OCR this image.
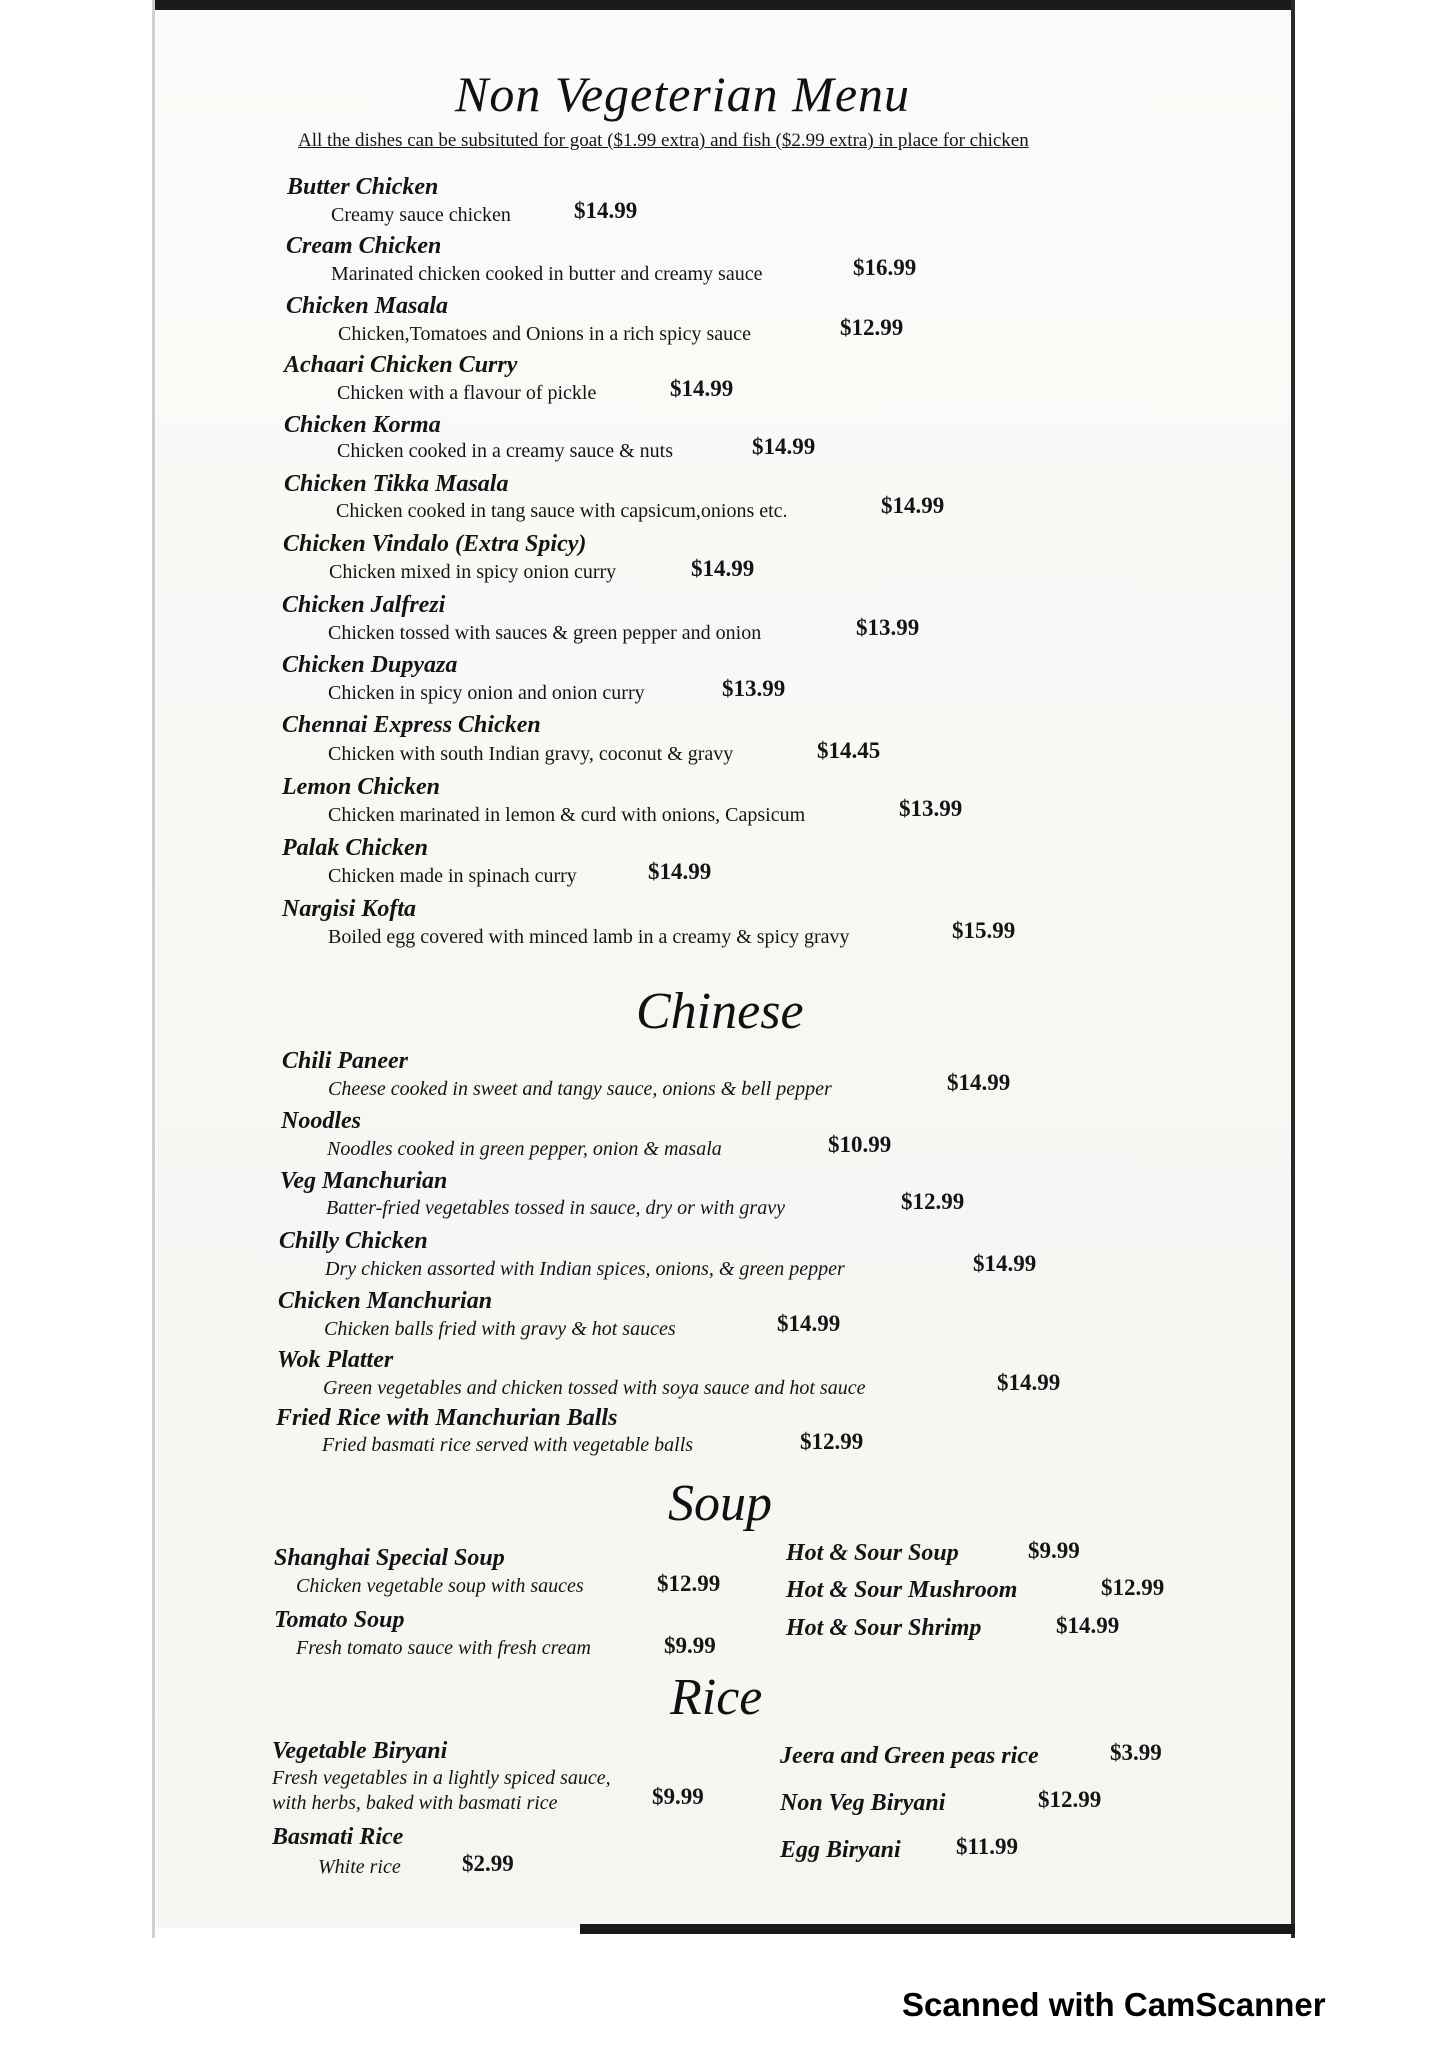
Non Vegeterian Menu
All the dishes can be subsituted for goat ($1.99 extra) and fish ($2.99 extra) in place for chicken
Butter Chicken
Creamy sauce chicken	$14.99
Cream Chicken
Marinated chicken cooked in butter and creamy sauce	$16.99
Chicken Masala
Chicken,Tomatoes and Onions in a rich spicy sauce	$12.99
Achaari Chicken Curry
Chicken with a flavour of pickle	$14.99
Chicken Korma
Chicken cooked in a creamy sauce & nuts	$14.99
Chicken Tikka Masala
Chicken cooked in tang sauce with capsicum,onions etc.	$14.99
Chicken Vindalo (Extra Spicy)
Chicken mixed in spicy onion curry	$14.99
Chicken Jalfrezi
Chicken tossed with sauces & green pepper and onion	$13.99
Chicken Dupyaza
Chicken in spicy onion and onion curry	$13.99
Chennai Express Chicken
Chicken with south Indian gravy, coconut & gravy	$14.45
Lemon Chicken
Chicken marinated in lemon & curd with onions, Capsicum	$13.99
Palak Chicken
Chicken made in spinach curry	$14.99
Nargisi Kofta
Boiled egg covered with minced lamb in a creamy & spicy gravy	$15.99
Chinese
Chili Paneer
Cheese cooked in sweet and tangy sauce, onions & bell pepper	$14.99
Noodles
Noodles cooked in green pepper, onion & masala	$10.99
Veg Manchurian
Batter-fried vegetables tossed in sauce, dry or with gravy	$12.99
Chilly Chicken
Dry chicken assorted with Indian spices, onions, & green pepper	$14.99
Chicken Manchurian
Chicken balls fried with gravy & hot sauces	$14.99
Wok Platter
Green vegetables and chicken tossed with soya sauce and hot sauce	$14.99
Fried Rice with Manchurian Balls
Fried basmati rice served with vegetable balls	$12.99
Soup
Shanghai Special Soup
Chicken vegetable soup with sauces	$12.99
Tomato Soup
Fresh tomato sauce with fresh cream	$9.99
Hot & Sour Soup	$9.99
Hot & Sour Mushroom	$12.99
Hot & Sour Shrimp	$14.99
Rice
Vegetable Biryani
Fresh vegetables in a lightly spiced sauce,
with herbs, baked with basmati rice	$9.99
Basmati Rice
White rice	$2.99
Jeera and Green peas rice	$3.99
Non Veg Biryani	$12.99
Egg Biryani $11.99
Scanned with CamScanner
